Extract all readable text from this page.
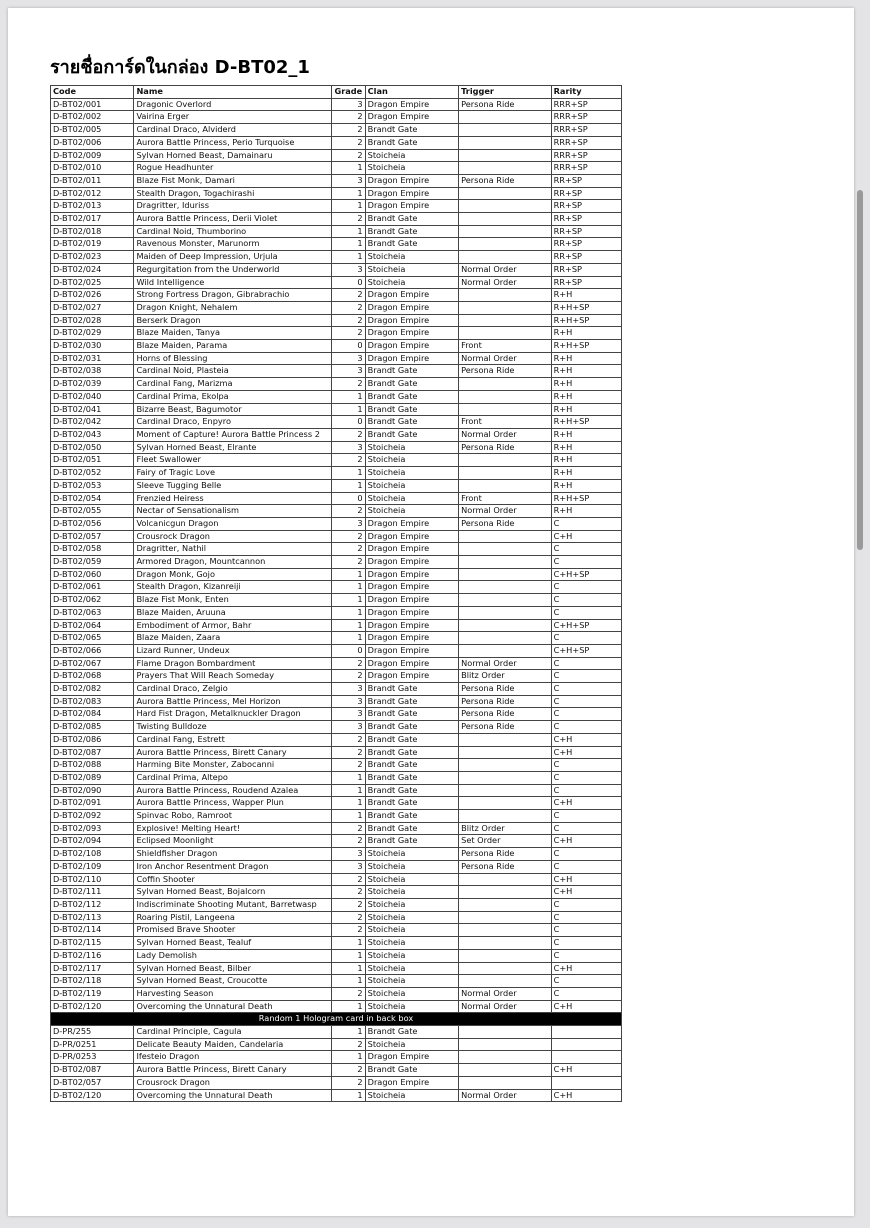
รายชื่อการ์ดในกล่อง D-BT02_1
Code	Name	Grade	Clan	Trigger	Rarity
D-BT02/001	Dragonic Overlord	3	Dragon Empire	Persona Ride	RRR+SP
D-BT02/002	Vairina Erger	2	Dragon Empire		RRR+SP
D-BT02/005	Cardinal Draco, Alviderd	2	Brandt Gate		RRR+SP
D-BT02/006	Aurora Battle Princess, Perio Turquoise	2	Brandt Gate		RRR+SP
D-BT02/009	Sylvan Horned Beast, Damainaru	2	Stoicheia		RRR+SP
D-BT02/010	Rogue Headhunter	1	Stoicheia		RRR+SP
D-BT02/011	Blaze Fist Monk, Damari	3	Dragon Empire	Persona Ride	RR+SP
D-BT02/012	Stealth Dragon, Togachirashi	1	Dragon Empire		RR+SP
D-BT02/013	Dragritter, Iduriss	1	Dragon Empire		RR+SP
D-BT02/017	Aurora Battle Princess, Derii Violet	2	Brandt Gate		RR+SP
D-BT02/018	Cardinal Noid, Thumborino	1	Brandt Gate		RR+SP
D-BT02/019	Ravenous Monster, Marunorm	1	Brandt Gate		RR+SP
D-BT02/023	Maiden of Deep Impression, Urjula	1	Stoicheia		RR+SP
D-BT02/024	Regurgitation from the Underworld	3	Stoicheia	Normal Order	RR+SP
D-BT02/025	Wild Intelligence	0	Stoicheia	Normal Order	RR+SP
D-BT02/026	Strong Fortress Dragon, Gibrabrachio	2	Dragon Empire		R+H
D-BT02/027	Dragon Knight, Nehalem	2	Dragon Empire		R+H+SP
D-BT02/028	Berserk Dragon	2	Dragon Empire		R+H+SP
D-BT02/029	Blaze Maiden, Tanya	2	Dragon Empire		R+H
D-BT02/030	Blaze Maiden, Parama	0	Dragon Empire	Front	R+H+SP
D-BT02/031	Horns of Blessing	3	Dragon Empire	Normal Order	R+H
D-BT02/038	Cardinal Noid, Plasteia	3	Brandt Gate	Persona Ride	R+H
D-BT02/039	Cardinal Fang, Marizma	2	Brandt Gate		R+H
D-BT02/040	Cardinal Prima, Ekolpa	1	Brandt Gate		R+H
D-BT02/041	Bizarre Beast, Bagumotor	1	Brandt Gate		R+H
D-BT02/042	Cardinal Draco, Enpyro	0	Brandt Gate	Front	R+H+SP
D-BT02/043	Moment of Capture! Aurora Battle Princess 2	2	Brandt Gate	Normal Order	R+H
D-BT02/050	Sylvan Horned Beast, Elrante	3	Stoicheia	Persona Ride	R+H
D-BT02/051	Fleet Swallower	2	Stoicheia		R+H
D-BT02/052	Fairy of Tragic Love	1	Stoicheia		R+H
D-BT02/053	Sleeve Tugging Belle	1	Stoicheia		R+H
D-BT02/054	Frenzied Heiress	0	Stoicheia	Front	R+H+SP
D-BT02/055	Nectar of Sensationalism	2	Stoicheia	Normal Order	R+H
D-BT02/056	Volcanicgun Dragon	3	Dragon Empire	Persona Ride	C
D-BT02/057	Crousrock Dragon	2	Dragon Empire		C+H
D-BT02/058	Dragritter, Nathil	2	Dragon Empire		C
D-BT02/059	Armored Dragon, Mountcannon	2	Dragon Empire		C
D-BT02/060	Dragon Monk, Gojo	1	Dragon Empire		C+H+SP
D-BT02/061	Stealth Dragon, Kizanreiji	1	Dragon Empire		C
D-BT02/062	Blaze Fist Monk, Enten	1	Dragon Empire		C
D-BT02/063	Blaze Maiden, Aruuna	1	Dragon Empire		C
D-BT02/064	Embodiment of Armor, Bahr	1	Dragon Empire		C+H+SP
D-BT02/065	Blaze Maiden, Zaara	1	Dragon Empire		C
D-BT02/066	Lizard Runner, Undeux	0	Dragon Empire		C+H+SP
D-BT02/067	Flame Dragon Bombardment	2	Dragon Empire	Normal Order	C
D-BT02/068	Prayers That Will Reach Someday	2	Dragon Empire	Blitz Order	C
D-BT02/082	Cardinal Draco, Zelgio	3	Brandt Gate	Persona Ride	C
D-BT02/083	Aurora Battle Princess, Mel Horizon	3	Brandt Gate	Persona Ride	C
D-BT02/084	Hard Fist Dragon, Metalknuckler Dragon	3	Brandt Gate	Persona Ride	C
D-BT02/085	Twisting Bulldoze	3	Brandt Gate	Persona Ride	C
D-BT02/086	Cardinal Fang, Estrett	2	Brandt Gate		C+H
D-BT02/087	Aurora Battle Princess, Birett Canary	2	Brandt Gate		C+H
D-BT02/088	Harming Bite Monster, Zabocanni	2	Brandt Gate		C
D-BT02/089	Cardinal Prima, Altepo	1	Brandt Gate		C
D-BT02/090	Aurora Battle Princess, Roudend Azalea	1	Brandt Gate		C
D-BT02/091	Aurora Battle Princess, Wapper Plun	1	Brandt Gate		C+H
D-BT02/092	Spinvac Robo, Ramroot	1	Brandt Gate		C
D-BT02/093	Explosive! Melting Heart!	2	Brandt Gate	Blitz Order	C
D-BT02/094	Eclipsed Moonlight	2	Brandt Gate	Set Order	C+H
D-BT02/108	Shieldfisher Dragon	3	Stoicheia	Persona Ride	C
D-BT02/109	Iron Anchor Resentment Dragon	3	Stoicheia	Persona Ride	C
D-BT02/110	Coffin Shooter	2	Stoicheia		C+H
D-BT02/111	Sylvan Horned Beast, Bojalcorn	2	Stoicheia		C+H
D-BT02/112	Indiscriminate Shooting Mutant, Barretwasp	2	Stoicheia		C
D-BT02/113	Roaring Pistil, Langeena	2	Stoicheia		C
D-BT02/114	Promised Brave Shooter	2	Stoicheia		C
D-BT02/115	Sylvan Horned Beast, Tealuf	1	Stoicheia		C
D-BT02/116	Lady Demolish	1	Stoicheia		C
D-BT02/117	Sylvan Horned Beast, Bilber	1	Stoicheia		C+H
D-BT02/118	Sylvan Horned Beast, Croucotte	1	Stoicheia		C
D-BT02/119	Harvesting Season	2	Stoicheia	Normal Order	C
D-BT02/120	Overcoming the Unnatural Death	1	Stoicheia	Normal Order	C+H
Random 1 Hologram card in back box					
D-PR/255	Cardinal Principle, Cagula	1	Brandt Gate		
D-PR/0251	Delicate Beauty Maiden, Candelaria	2	Stoicheia		
D-PR/0253	Ifesteio Dragon	1	Dragon Empire		
D-BT02/087	Aurora Battle Princess, Birett Canary	2	Brandt Gate		C+H
D-BT02/057	Crousrock Dragon	2	Dragon Empire		
D-BT02/120	Overcoming the Unnatural Death	1	Stoicheia	Normal Order	C+H
